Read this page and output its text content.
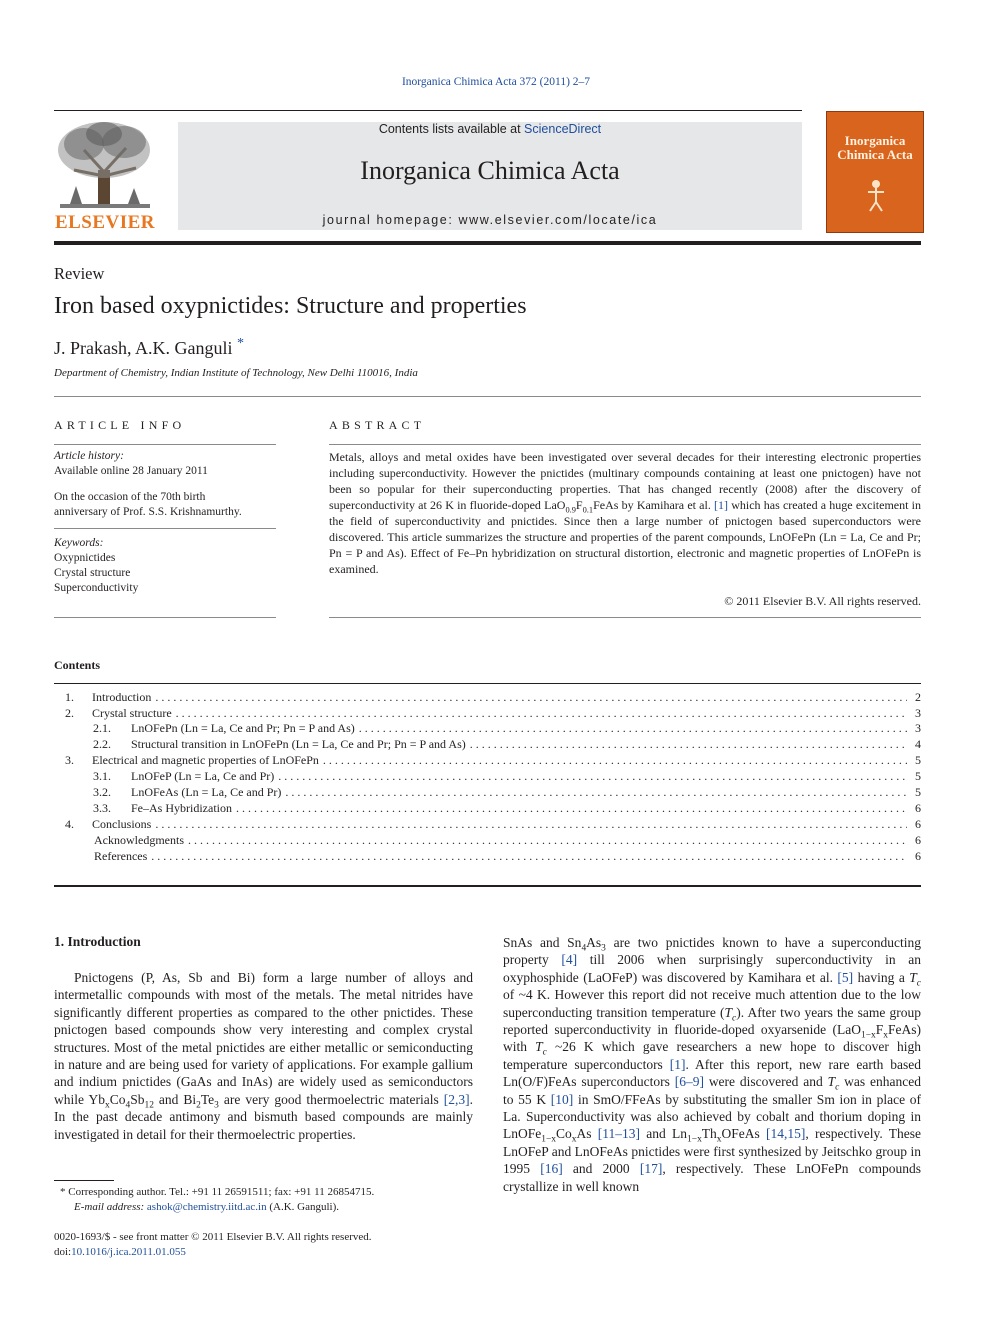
Inorganica Chimica Acta 372 (2011) 2–7
ELSEVIER
Contents lists available at ScienceDirect
Inorganica Chimica Acta
journal homepage: www.elsevier.com/locate/ica
Inorganica
Chimica Acta
Review
Iron based oxypnictides: Structure and properties
J. Prakash, A.K. Ganguli *
Department of Chemistry, Indian Institute of Technology, New Delhi 110016, India
ARTICLE INFO
Article history:
Available online 28 January 2011
On the occasion of the 70th birth
anniversary of Prof. S.S. Krishnamurthy.
Keywords:
Oxypnictides
Crystal structure
Superconductivity
ABSTRACT
Metals, alloys and metal oxides have been investigated over several decades for their interesting electronic properties including superconductivity. However the pnictides (multinary compounds containing at least one pnictogen) have not been so popular for their superconducting properties. That has changed recently (2008) after the discovery of superconductivity at 26 K in fluoride-doped $LaO_{0.9}F_{0.1}FeAs$ by Kamihara et al. [1] which has created a huge excitement in the field of superconductivity and pnictides. Since then a large number of pnictogen based superconductors were discovered. This article summarizes the structure and properties of the parent compounds, LnOFePn (Ln = La, Ce and Pr; Pn = P and As). Effect of Fe–Pn hybridization on structural distortion, electronic and magnetic properties of LnOFePn is examined.
© 2011 Elsevier B.V. All rights reserved.
Contents
1.	Introduction . . .	2
2.	Crystal structure . . .	3
2.1.	LnOFePn (Ln = La, Ce and Pr; Pn = P and As) . . .	3
2.2.	Structural transition in LnOFePn (Ln = La, Ce and Pr; Pn = P and As) . . .	4
3.	Electrical and magnetic properties of LnOFePn . . .	5
3.1.	LnOFeP (Ln = La, Ce and Pr) . . .	5
3.2.	LnOFeAs (Ln = La, Ce and Pr) . . .	5
3.3.	Fe–As Hybridization . . .	6
4.	Conclusions . . .	6
Acknowledgments . . .	6
References . . .	6
1. Introduction
Pnictogens (P, As, Sb and Bi) form a large number of alloys and intermetallic compounds with most of the metals. The metal nitrides have significantly different properties as compared to the other pnictides. These pnictogen based compounds show very interesting and complex crystal structures. Most of the metal pnictides are either metallic or semiconducting in nature and are being used for variety of applications. For example gallium and indium pnictides (GaAs and InAs) are widely used as semiconductors while $Yb_xCo_4Sb_{12}$ and $Bi_2Te_3$ are very good thermoelectric materials [2,3]. In the past decade antimony and bismuth based compounds are mainly investigated in detail for their thermoelectric properties.
SnAs and $Sn_4As_3$ are two pnictides known to have a superconducting property [4] till 2006 when surprisingly superconductivity in an oxyphosphide (LaOFeP) was discovered by Kamihara et al. [5] having a $T_c$ of ~4 K. However this report did not receive much attention due to the low superconducting transition temperature $(T_c)$. After two years the same group reported superconductivity in fluoride-doped oxyarsenide $(LaO_{1-x}F_xFeAs)$ with $T_c$ ~26 K which gave researchers a new hope to discover high temperature superconductors [1]. After this report, new rare earth based Ln(O/F)FeAs superconductors [6–9] were discovered and $T_c$ was enhanced to 55 K [10] in SmO/FFeAs by substituting the smaller Sm ion in place of La. Superconductivity was also achieved by cobalt and thorium doping in $LnOFe_{1-x}Co_xAs$ [11–13] and $Ln_{1-x}Th_xOFeAs$ [14,15], respectively. These LnOFeP and LnOFeAs pnictides were first synthesized by Jeitschko group in 1995 [16] and 2000 [17], respectively. These LnOFePn compounds crystallize in well known
* Corresponding author. Tel.: +91 11 26591511; fax: +91 11 26854715.
E-mail address: ashok@chemistry.iitd.ac.in (A.K. Ganguli).
0020-1693/$ - see front matter © 2011 Elsevier B.V. All rights reserved.
doi:10.1016/j.ica.2011.01.055
